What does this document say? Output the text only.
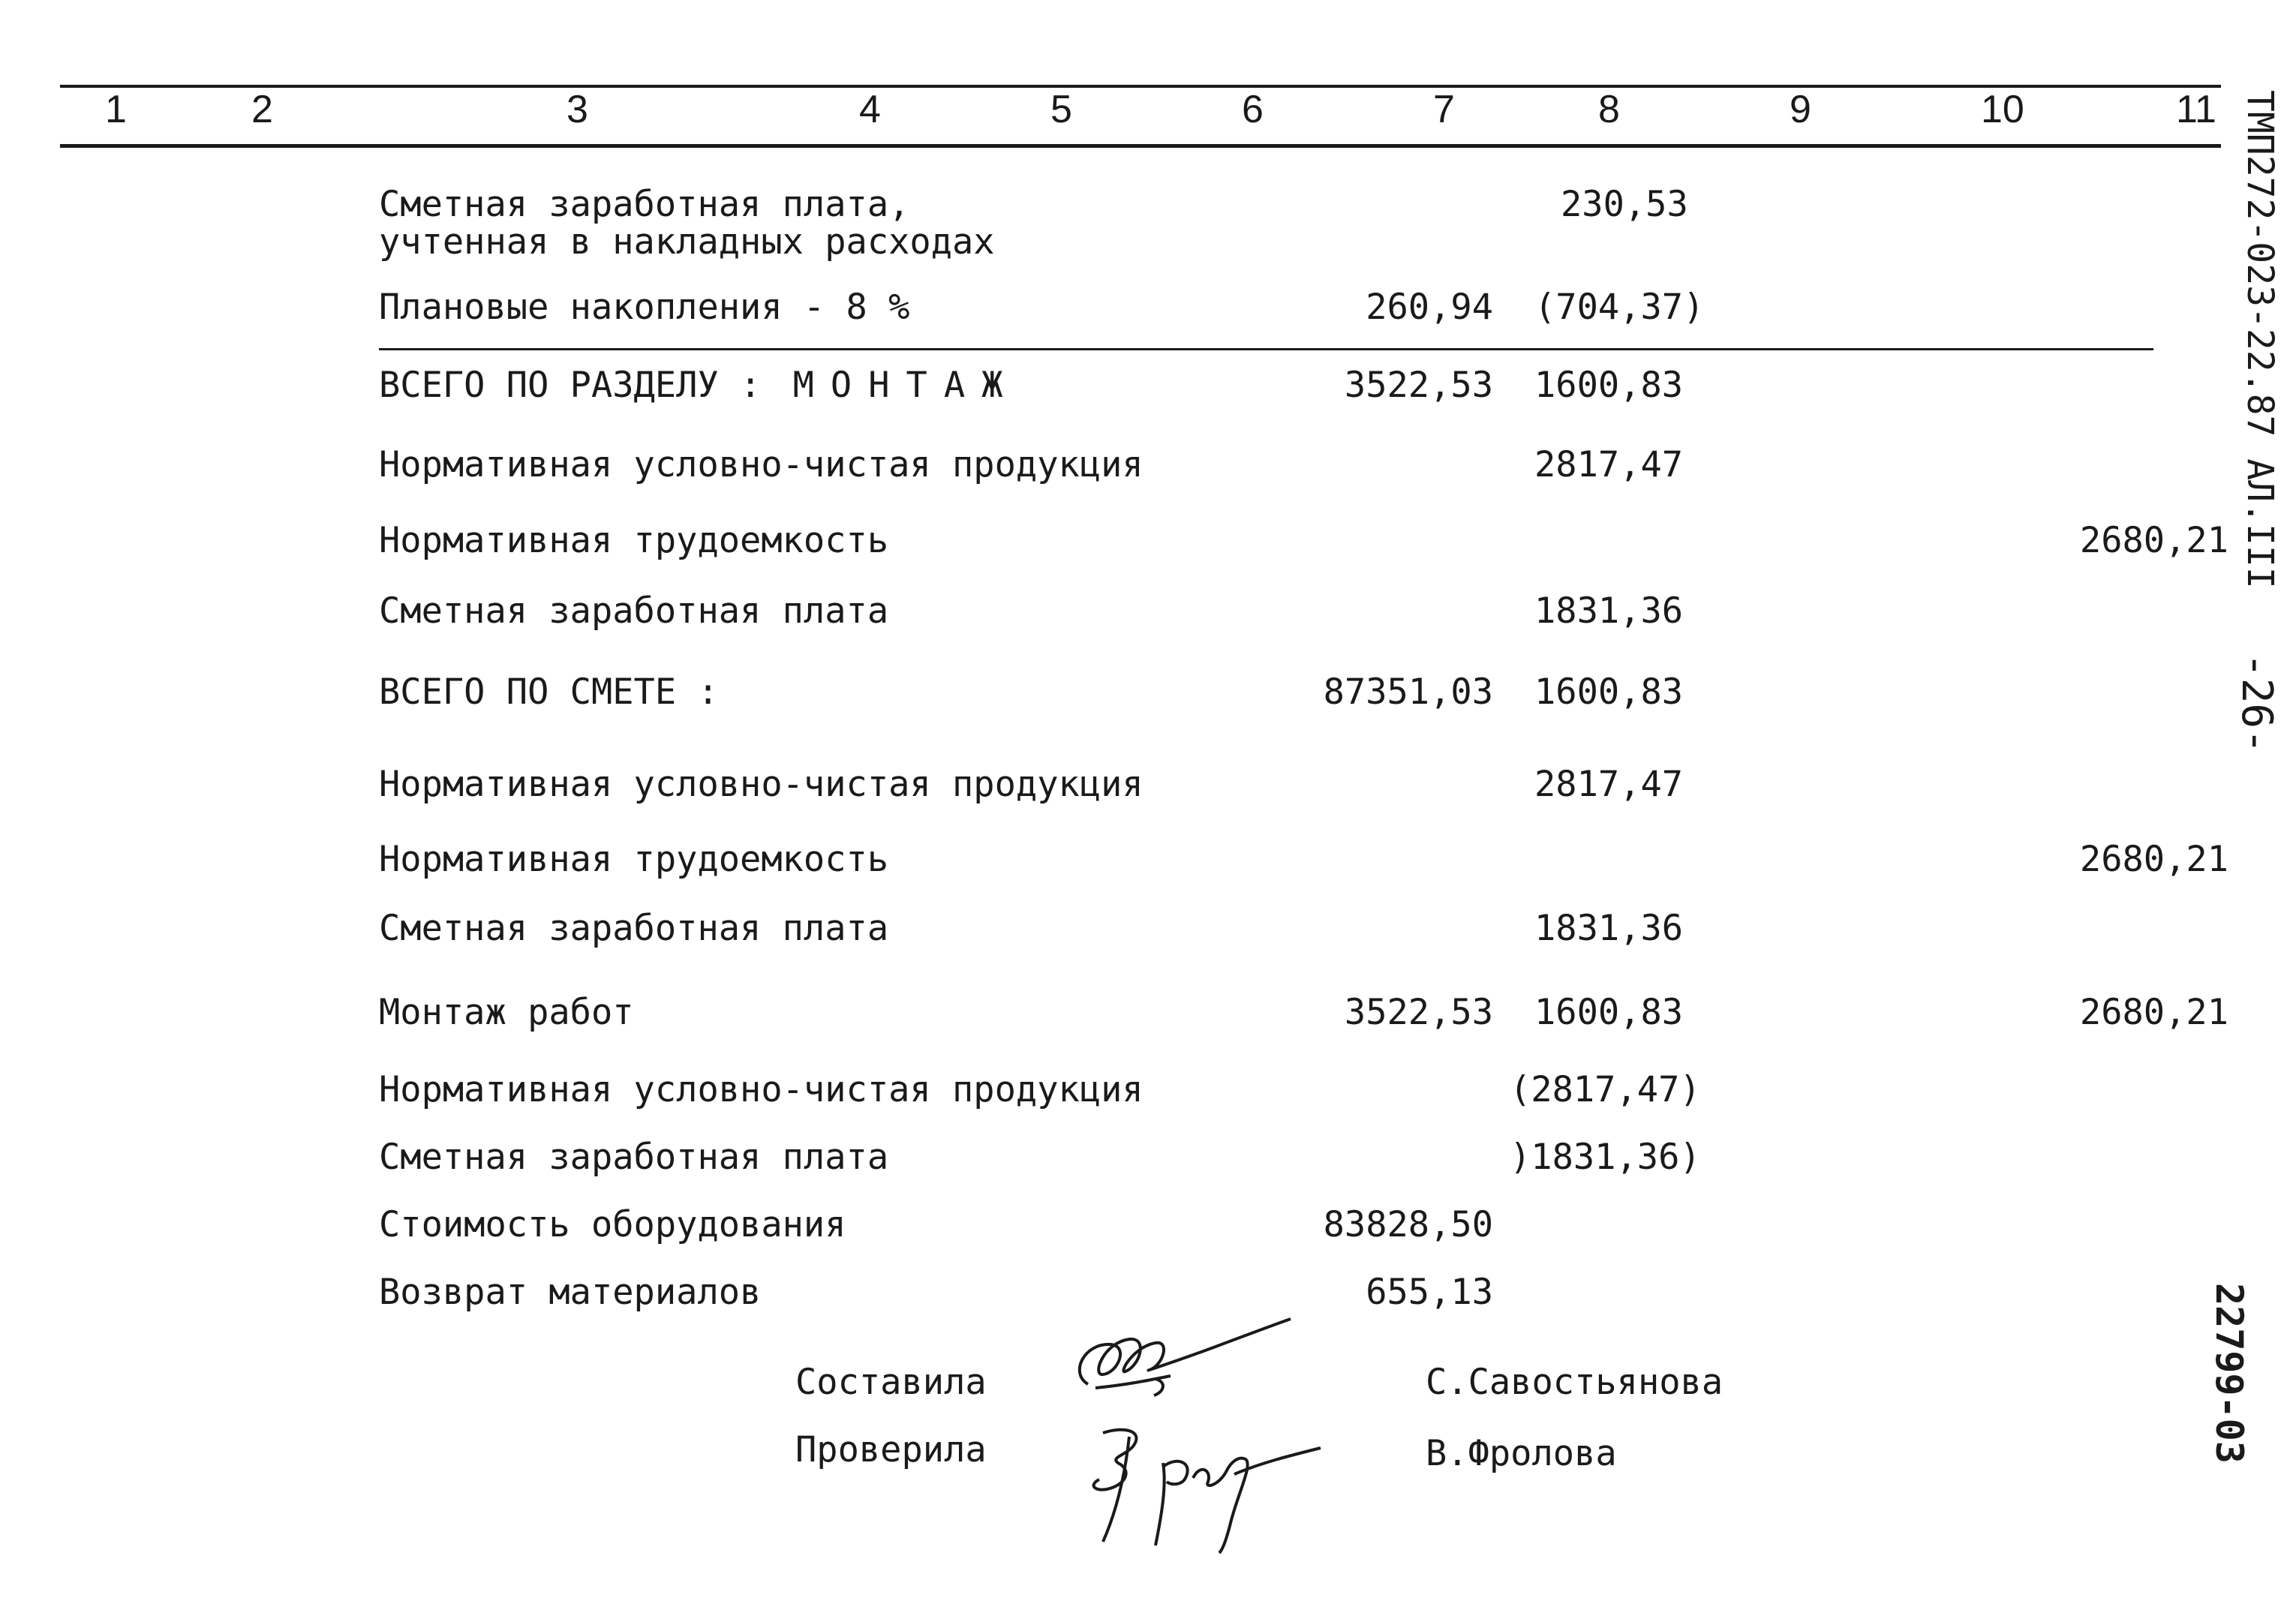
1	2	3	4	5	6	7	8	9	10	11
Сметная заработная плата,
учтенная в накладных расходах
230,53
Плановые накопления - 8 %	260,94 (704,37)
ВСЕГО ПО РАЗДЕЛУ : МОНТАЖ	3522,53 1600,83
Нормативная условно-чистая продукция	2817,47
Нормативная трудоемкость	2680,21
Сметная заработная плата	1831,36
ВСЕГО ПО СМЕТЕ :	87351,03 1600,83
Нормативная условно-чистая продукция	2817,47
Нормативная трудоемкость	2680,21
Сметная заработная плата	1831,36
Монтаж работ	3522,53 1600,83	2680,21
Нормативная условно-чистая продукция	(2817,47)
Сметная заработная плата	)1831,36)
Стоимость оборудования	83828,50
Возврат материалов	655,13
Составила	С.Савостьянова
Проверила	В.Фролова
ТМП272-023-22.87 АЛ.III
-26-
22799-03
